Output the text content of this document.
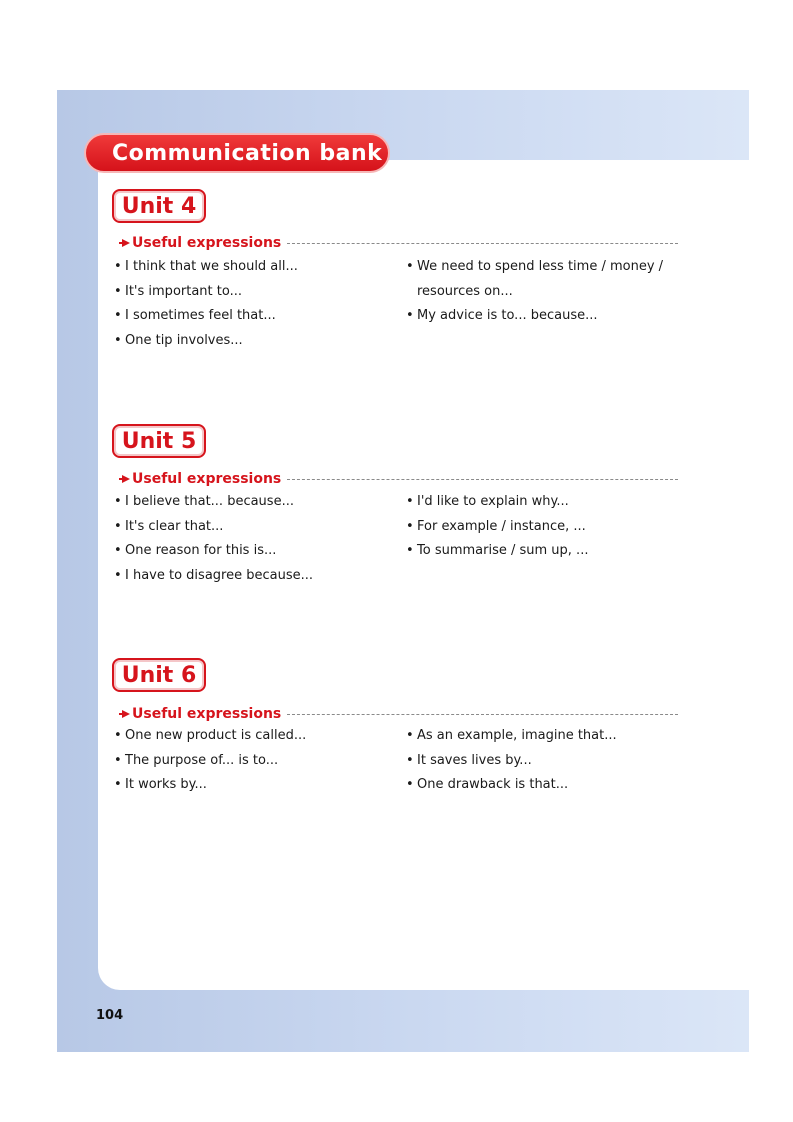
Communication bank
Unit 4
Useful expressions
• I think that we should all...
• It's important to...
• I sometimes feel that...
• One tip involves...
• We need to spend less time / money / resources on...
• My advice is to... because...
Unit 5
Useful expressions
• I believe that... because...
• It's clear that...
• One reason for this is...
• I have to disagree because...
• I'd like to explain why...
• For example / instance, ...
• To summarise / sum up, ...
Unit 6
Useful expressions
• One new product is called...
• The purpose of... is to...
• It works by...
• As an example, imagine that...
• It saves lives by...
• One drawback is that...
104
